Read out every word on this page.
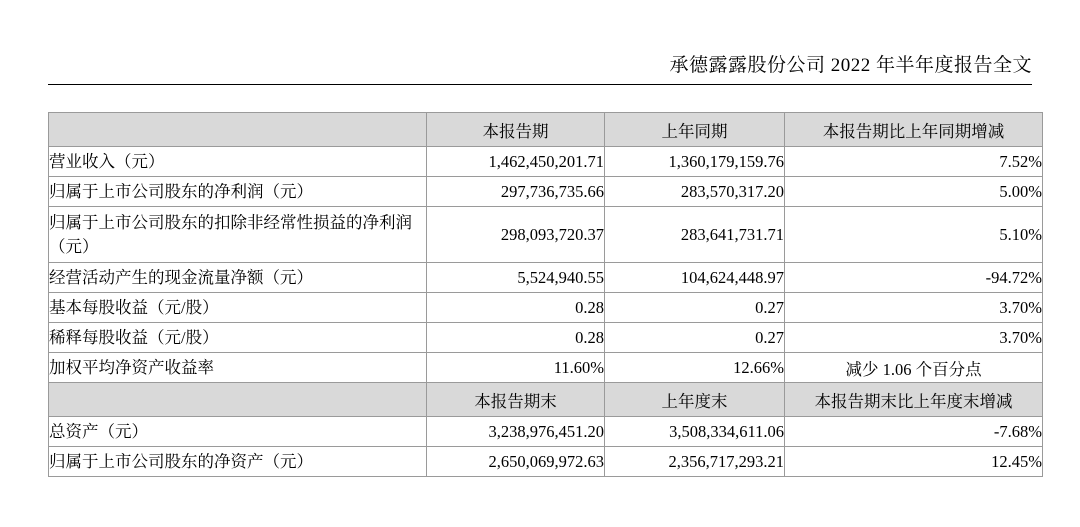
承德露露股份公司 2022 年半年度报告全文
	本报告期	上年同期	本报告期比上年同期增减
营业收入（元）	1,462,450,201.71	1,360,179,159.76	7.52%
归属于上市公司股东的净利润（元）	297,736,735.66	283,570,317.20	5.00%
归属于上市公司股东的扣除非经常性损益的净利润（元）	298,093,720.37	283,641,731.71	5.10%
经营活动产生的现金流量净额（元）	5,524,940.55	104,624,448.97	-94.72%
基本每股收益（元/股）	0.28	0.27	3.70%
稀释每股收益（元/股）	0.28	0.27	3.70%
加权平均净资产收益率	11.60%	12.66%	减少 1.06 个百分点
	本报告期末	上年度末	本报告期末比上年度末增减
总资产（元）	3,238,976,451.20	3,508,334,611.06	-7.68%
归属于上市公司股东的净资产（元）	2,650,069,972.63	2,356,717,293.21	12.45%
